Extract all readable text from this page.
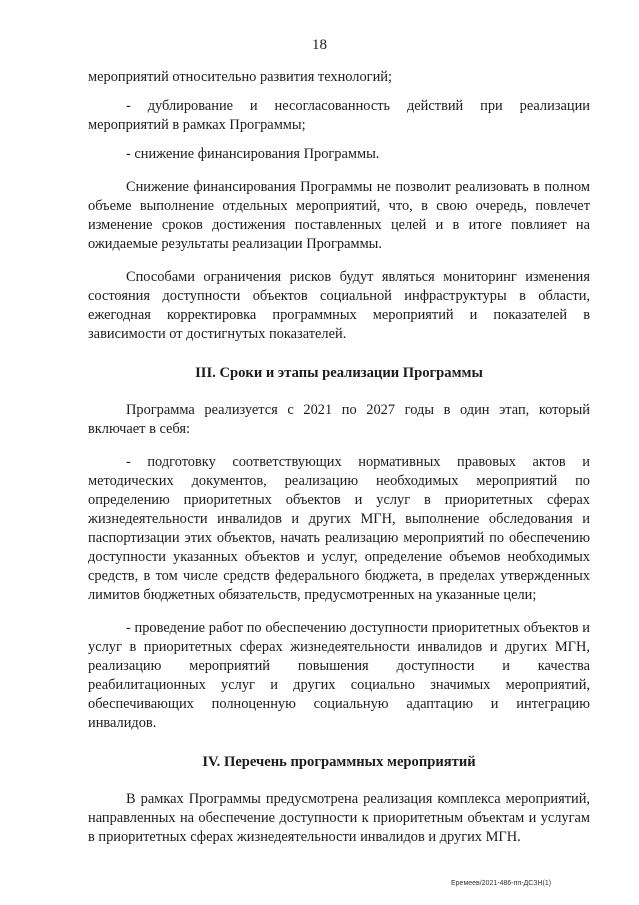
18

мероприятий относительно развития технологий;

- дублирование и несогласованность действий при реализации мероприятий в рамках Программы;

- снижение финансирования Программы.

Снижение финансирования Программы не позволит реализовать в полном объеме выполнение отдельных мероприятий, что, в свою очередь, повлечет изменение сроков достижения поставленных целей и в итоге повлияет на ожидаемые результаты реализации Программы.

Способами ограничения рисков будут являться мониторинг изменения состояния доступности объектов социальной инфраструктуры в области, ежегодная корректировка программных мероприятий и показателей в зависимости от достигнутых показателей.

III. Сроки и этапы реализации Программы

Программа реализуется с 2021 по 2027 годы в один этап, который включает в себя:

- подготовку соответствующих нормативных правовых актов и методических документов, реализацию необходимых мероприятий по определению приоритетных объектов и услуг в приоритетных сферах жизнедеятельности инвалидов и других МГН, выполнение обследования и паспортизации этих объектов, начать реализацию мероприятий по обеспечению доступности указанных объектов и услуг, определение объемов необходимых средств, в том числе средств федерального бюджета, в пределах утвержденных лимитов бюджетных обязательств, предусмотренных на указанные цели;

- проведение работ по обеспечению доступности приоритетных объектов и услуг в приоритетных сферах жизнедеятельности инвалидов и других МГН, реализацию мероприятий повышения доступности и качества реабилитационных услуг и других социально значимых мероприятий, обеспечивающих полноценную социальную адаптацию и интеграцию инвалидов.

IV. Перечень программных мероприятий

В рамках Программы предусмотрена реализация комплекса мероприятий, направленных на обеспечение доступности к приоритетным объектам и услугам в приоритетных сферах жизнедеятельности инвалидов и других МГН.

Еремеев/2021-486-пп-ДСЗН(1)
